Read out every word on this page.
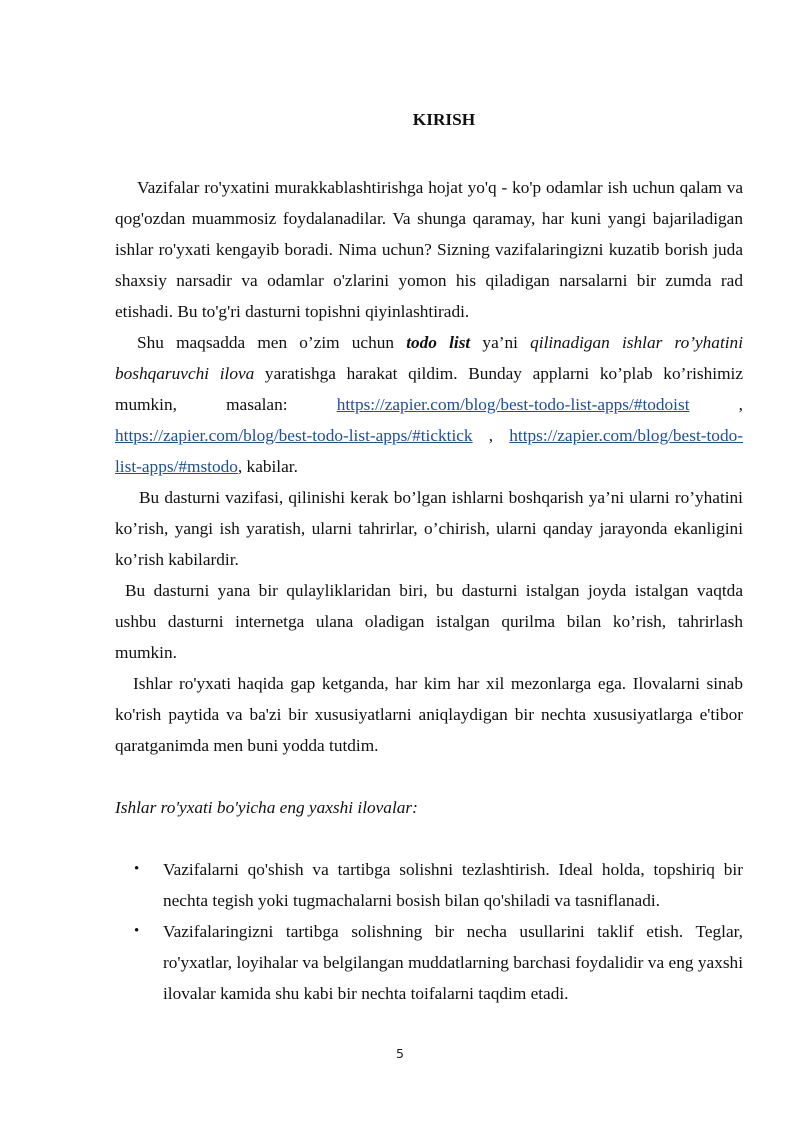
KIRISH

Vazifalar ro'yxatini murakkablashtirishga hojat yo'q - ko'p odamlar ish uchun qalam va qog'ozdan muammosiz foydalanadilar. Va shunga qaramay, har kuni yangi bajariladigan ishlar ro'yxati kengayib boradi. Nima uchun? Sizning vazifalaringizni kuzatib borish juda shaxsiy narsadir va odamlar o'zlarini yomon his qiladigan narsalarni bir zumda rad etishadi. Bu to'g'ri dasturni topishni qiyinlashtiradi.

Shu maqsadda men o’zim uchun todo list ya’ni qilinadigan ishlar ro’yhatini boshqaruvchi ilova yaratishga harakat qildim. Bunday applarni ko’plab ko’rishimiz mumkin, masalan: https://zapier.com/blog/best-todo-list-apps/#todoist , https://zapier.com/blog/best-todo-list-apps/#ticktick , https://zapier.com/blog/best-todo-list-apps/#mstodo, kabilar.

Bu dasturni vazifasi, qilinishi kerak bo’lgan ishlarni boshqarish ya’ni ularni ro’yhatini ko’rish, yangi ish yaratish, ularni tahrirlar, o’chirish, ularni qanday jarayonda ekanligini ko’rish kabilardir.

Bu dasturni yana bir qulayliklaridan biri, bu dasturni istalgan joyda istalgan vaqtda ushbu dasturni internetga ulana oladigan istalgan qurilma bilan ko’rish, tahrirlash mumkin.

Ishlar ro'yxati haqida gap ketganda, har kim har xil mezonlarga ega. Ilovalarni sinab ko'rish paytida va ba'zi bir xususiyatlarni aniqlaydigan bir nechta xususiyatlarga e'tibor qaratganimda men buni yodda tutdim.

Ishlar ro'yxati bo'yicha eng yaxshi ilovalar:

• Vazifalarni qo'shish va tartibga solishni tezlashtirish. Ideal holda, topshiriq bir nechta tegish yoki tugmachalarni bosish bilan qo'shiladi va tasniflanadi.
• Vazifalaringizni tartibga solishning bir necha usullarini taklif etish. Teglar, ro'yxatlar, loyihalar va belgilangan muddatlarning barchasi foydalidir va eng yaxshi ilovalar kamida shu kabi bir nechta toifalarni taqdim etadi.
5
